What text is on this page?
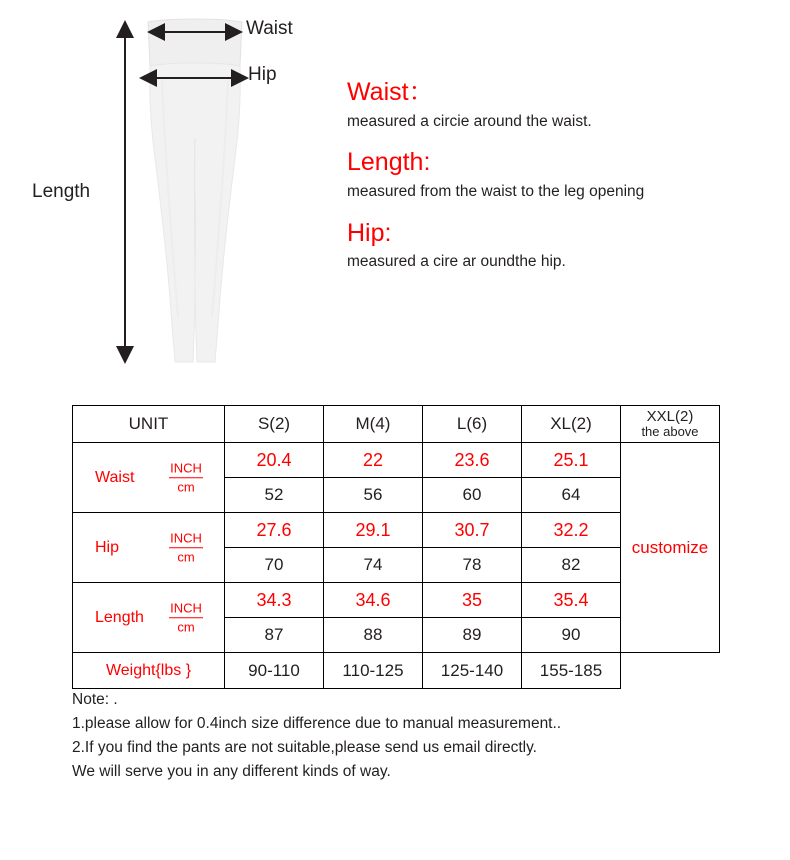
Waist
Hip
Length

Waist：

measured a circie around the waist.

Length:

measured from the waist to the leg opening

Hip:

measured a cire ar oundthe hip.

UNIT	S(2)	M(4)	L(6)	XL(2)	XXL(2)
the above

Waist
INCH
cm	20.4	22	23.6	25.1	customize
	52	56	60	64	

Hip
INCH
cm	27.6	29.1	30.7	32.2	
	70	74	78	82	

Length
INCH
cm	34.3	34.6	35	35.4	
	87	88	89	90	
Weight{lbs }	90-110	110-125	125-140	155-185	
Note: .
1.please allow for 0.4inch size difference due to manual measurement..
2.If you find the pants are not suitable,please send us email directly.
We will serve you in any different kinds of way.
